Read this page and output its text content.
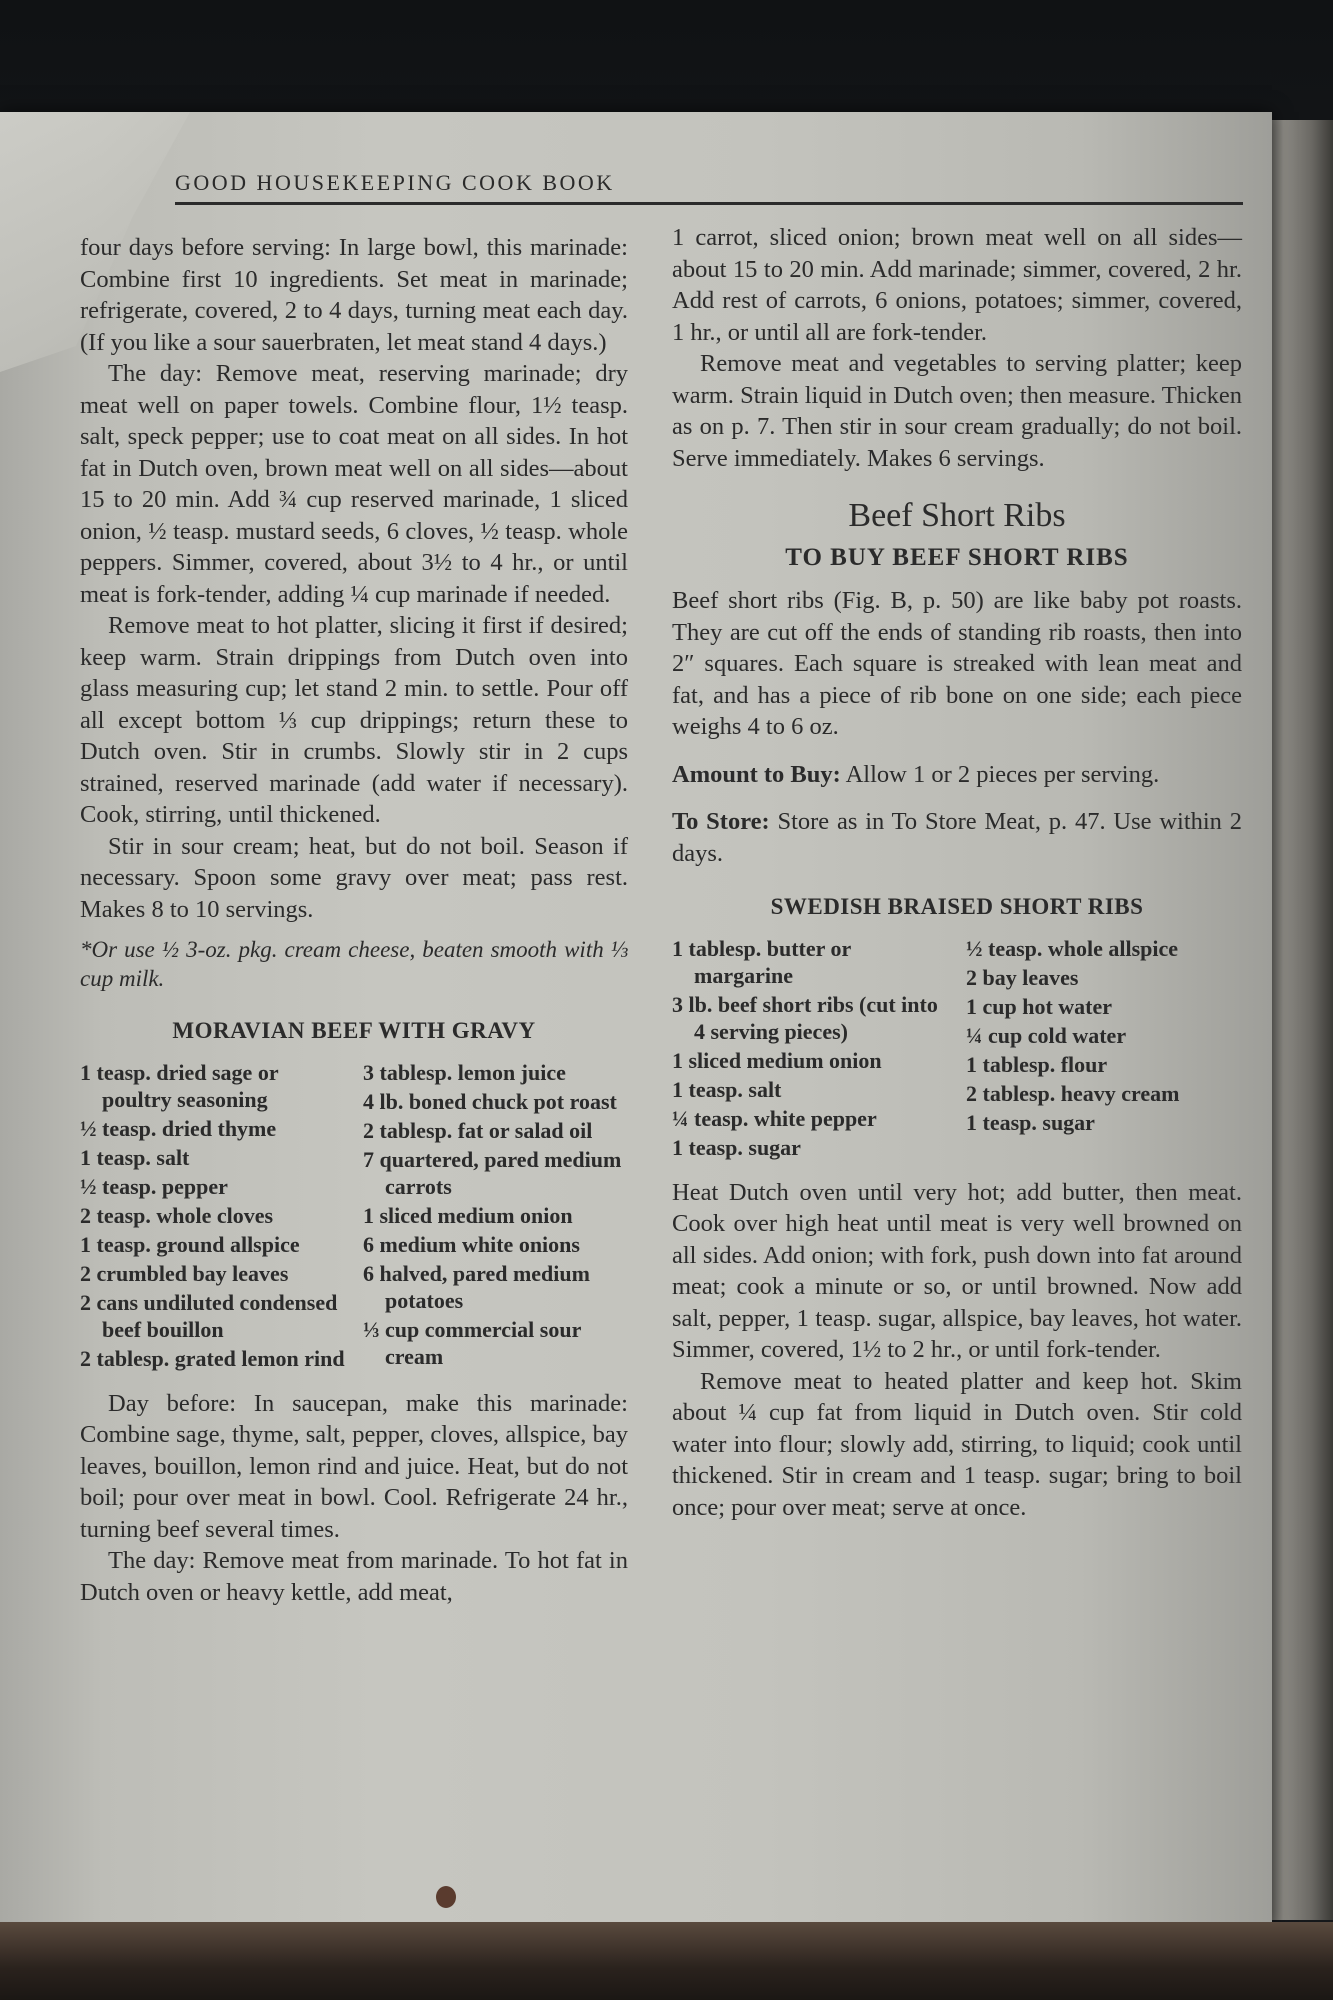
GOOD HOUSEKEEPING COOK BOOK

four days before serving: In large bowl, this marinade: Combine first 10 ingredients. Set meat in marinade; refrigerate, covered, 2 to 4 days, turning meat each day. (If you like a sour sauerbraten, let meat stand 4 days.)

The day: Remove meat, reserving marinade; dry meat well on paper towels. Combine flour, 1½ teasp. salt, speck pepper; use to coat meat on all sides. In hot fat in Dutch oven, brown meat well on all sides—about 15 to 20 min. Add ¾ cup reserved marinade, 1 sliced onion, ½ teasp. mustard seeds, 6 cloves, ½ teasp. whole peppers. Simmer, covered, about 3½ to 4 hr., or until meat is fork-tender, adding ¼ cup marinade if needed.

Remove meat to hot platter, slicing it first if desired; keep warm. Strain drippings from Dutch oven into glass measuring cup; let stand 2 min. to settle. Pour off all except bottom ⅓ cup drippings; return these to Dutch oven. Stir in crumbs. Slowly stir in 2 cups strained, reserved marinade (add water if necessary). Cook, stirring, until thickened.

Stir in sour cream; heat, but do not boil. Season if necessary. Spoon some gravy over meat; pass rest. Makes 8 to 10 servings.

*Or use ½ 3-oz. pkg. cream cheese, beaten smooth with ⅓ cup milk.

MORAVIAN BEEF WITH GRAVY

1 teasp. dried sage or poultry seasoning
½ teasp. dried thyme
1 teasp. salt
½ teasp. pepper
2 teasp. whole cloves
1 teasp. ground allspice
2 crumbled bay leaves
2 cans undiluted condensed beef bouillon
2 tablesp. grated lemon rind
3 tablesp. lemon juice
4 lb. boned chuck pot roast
2 tablesp. fat or salad oil
7 quartered, pared medium carrots
1 sliced medium onion
6 medium white onions
6 halved, pared medium potatoes
⅓ cup commercial sour cream

Day before: In saucepan, make this marinade: Combine sage, thyme, salt, pepper, cloves, allspice, bay leaves, bouillon, lemon rind and juice. Heat, but do not boil; pour over meat in bowl. Cool. Refrigerate 24 hr., turning beef several times.

The day: Remove meat from marinade. To hot fat in Dutch oven or heavy kettle, add meat,

1 carrot, sliced onion; brown meat well on all sides—about 15 to 20 min. Add marinade; simmer, covered, 2 hr. Add rest of carrots, 6 onions, potatoes; simmer, covered, 1 hr., or until all are fork-tender.

Remove meat and vegetables to serving platter; keep warm. Strain liquid in Dutch oven; then measure. Thicken as on p. 7. Then stir in sour cream gradually; do not boil. Serve immediately. Makes 6 servings.

Beef Short Ribs

TO BUY BEEF SHORT RIBS

Beef short ribs (Fig. B, p. 50) are like baby pot roasts. They are cut off the ends of standing rib roasts, then into 2″ squares. Each square is streaked with lean meat and fat, and has a piece of rib bone on one side; each piece weighs 4 to 6 oz.

Amount to Buy: Allow 1 or 2 pieces per serving.

To Store: Store as in To Store Meat, p. 47. Use within 2 days.

SWEDISH BRAISED SHORT RIBS

1 tablesp. butter or margarine
3 lb. beef short ribs (cut into 4 serving pieces)
1 sliced medium onion
1 teasp. salt
¼ teasp. white pepper
1 teasp. sugar
½ teasp. whole allspice
2 bay leaves
1 cup hot water
¼ cup cold water
1 tablesp. flour
2 tablesp. heavy cream
1 teasp. sugar

Heat Dutch oven until very hot; add butter, then meat. Cook over high heat until meat is very well browned on all sides. Add onion; with fork, push down into fat around meat; cook a minute or so, or until browned. Now add salt, pepper, 1 teasp. sugar, allspice, bay leaves, hot water. Simmer, covered, 1½ to 2 hr., or until fork-tender.

Remove meat to heated platter and keep hot. Skim about ¼ cup fat from liquid in Dutch oven. Stir cold water into flour; slowly add, stirring, to liquid; cook until thickened. Stir in cream and 1 teasp. sugar; bring to boil once; pour over meat; serve at once.
